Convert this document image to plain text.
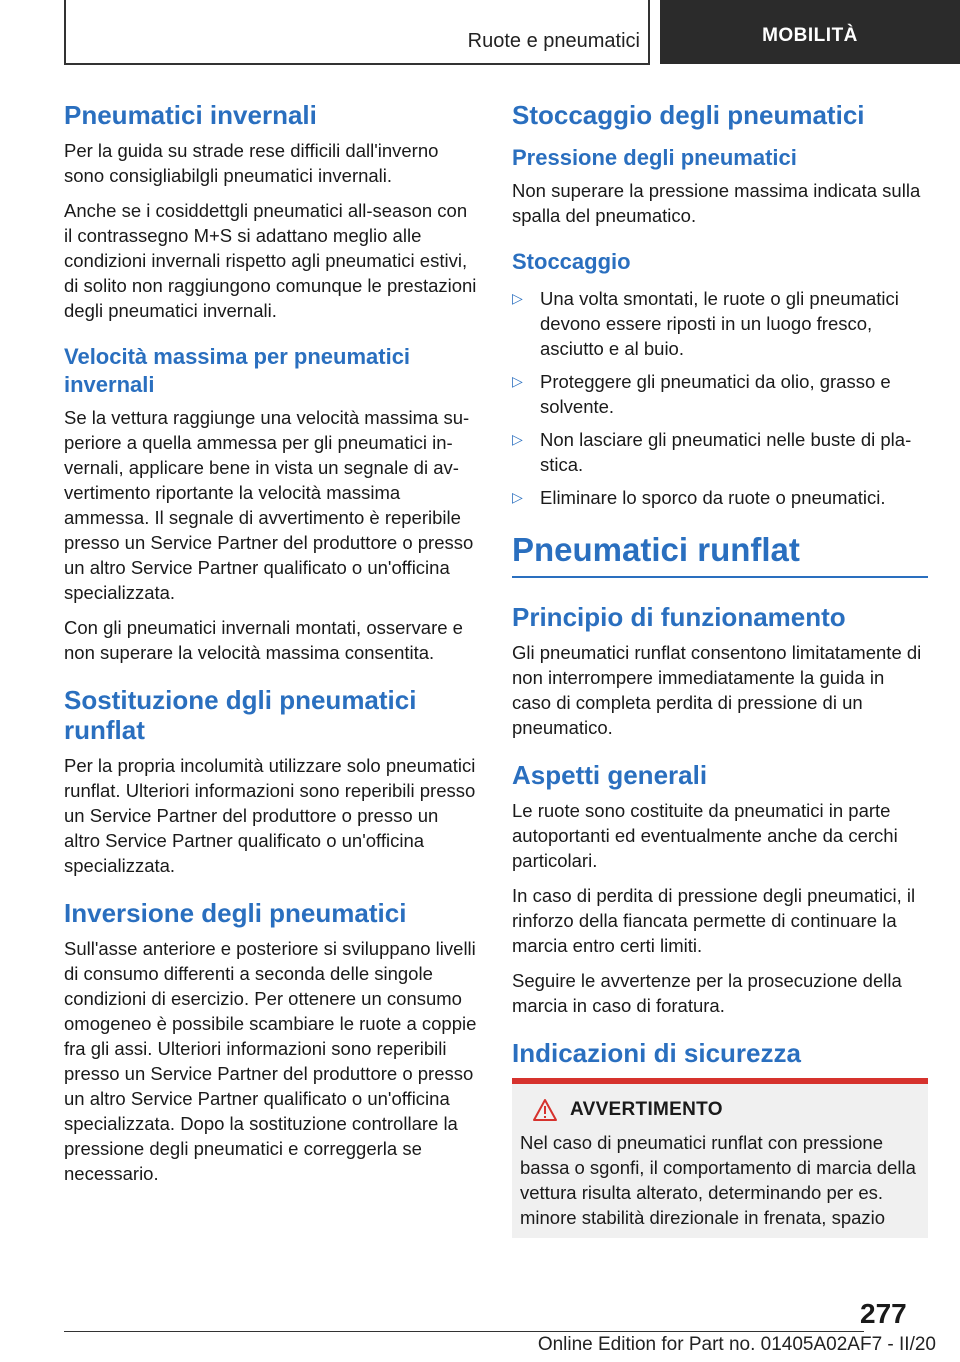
Ruote e pneumatici	MOBILITÀ
Pneumatici invernali

Per la guida su strade rese difficili dall'inverno sono consigliabilgli pneumatici invernali.

Anche se i cosiddettgli pneumatici all-season con il contrassegno M+S si adattano meglio alle condizioni invernali rispetto agli pneumatici estivi, di solito non raggiungono comunque le prestazioni degli pneumatici invernali.

Velocità massima per pneumatici invernali

Se la vettura raggiunge una velocità massima superiore a quella ammessa per gli pneumatici invernali, applicare bene in vista un segnale di avvertimento riportante la velocità massima ammessa. Il segnale di avvertimento è reperibile presso un Service Partner del produttore o presso un altro Service Partner qualificato o un'officina specializzata.

Con gli pneumatici invernali montati, osservare e non superare la velocità massima consentita.

Sostituzione dgli pneumatici runflat

Per la propria incolumità utilizzare solo pneumatici runflat. Ulteriori informazioni sono reperibili presso un Service Partner del produttore o presso un altro Service Partner qualificato o un'officina specializzata.

Inversione degli pneumatici

Sull'asse anteriore e posteriore si sviluppano livelli di consumo differenti a seconda delle singole condizioni di esercizio. Per ottenere un consumo omogeneo è possibile scambiare le ruote a coppie fra gli assi. Ulteriori informazioni sono reperibili presso un Service Partner del produttore o presso un altro Service Partner qualificato o un'officina specializzata. Dopo la sostituzione controllare la pressione degli pneumatici e correggerla se necessario.

Stoccaggio degli pneumatici
Pressione degli pneumatici

Non superare la pressione massima indicata sulla spalla del pneumatico.

Stoccaggio
▷ Una volta smontati, le ruote o gli pneumatici devono essere riposti in un luogo fresco, asciutto e al buio.
▷ Proteggere gli pneumatici da olio, grasso e solvente.
▷ Non lasciare gli pneumatici nelle buste di plastica.
▷ Eliminare lo sporco da ruote o pneumatici.
Pneumatici runflat
Principio di funzionamento

Gli pneumatici runflat consentono limitatamente di non interrompere immediatamente la guida in caso di completa perdita di pressione di un pneumatico.

Aspetti generali

Le ruote sono costituite da pneumatici in parte autoportanti ed eventualmente anche da cerchi particolari.

In caso di perdita di pressione degli pneumatici, il rinforzo della fiancata permette di continuare la marcia entro certi limiti.

Seguire le avvertenze per la prosecuzione della marcia in caso di foratura.

Indicazioni di sicurezza
AVVERTIMENTO

Nel caso di pneumatici runflat con pressione bassa o sgonfi, il comportamento di marcia della vettura risulta alterato, determinando per es. minore stabilità direzionale in frenata, spazio

277
Online Edition for Part no. 01405A02AF7 - II/20
